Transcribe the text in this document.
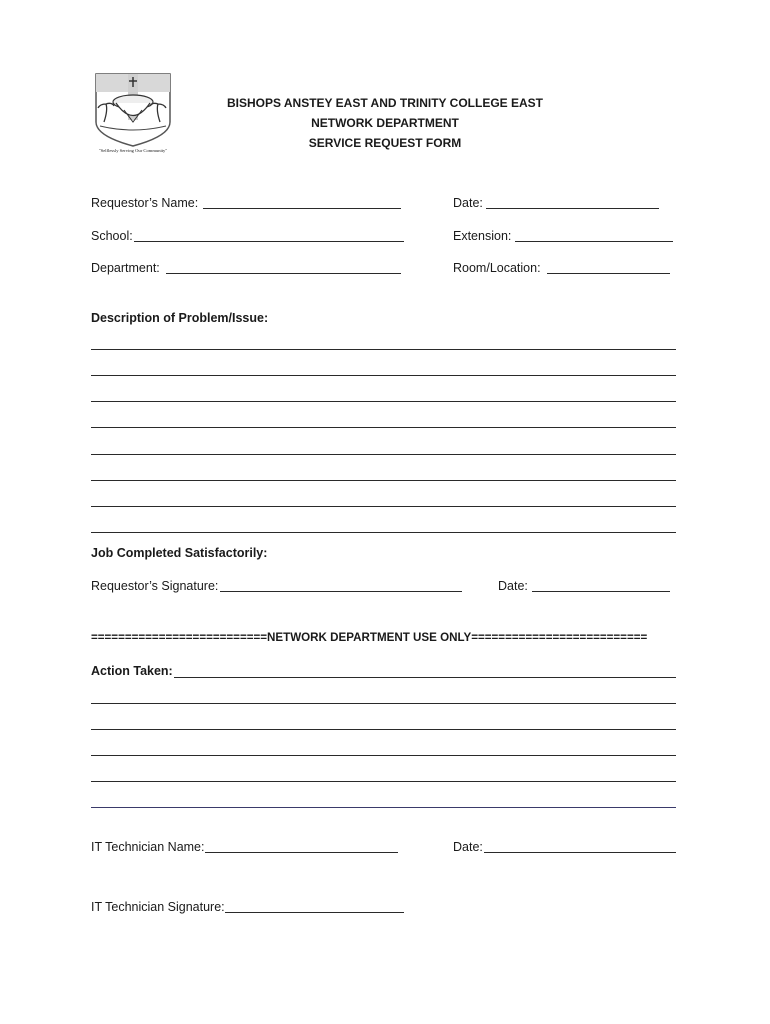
"Selflessly Serving Our Community"
BISHOPS ANSTEY EAST AND TRINITY COLLEGE EAST
NETWORK DEPARTMENT
SERVICE REQUEST FORM
Requestor’s Name:	Date:
School:	Extension:
Department:	Room/Location:
Description of Problem/Issue:
Job Completed Satisfactorily:
Requestor’s Signature:	Date:
==========================NETWORK DEPARTMENT USE ONLY==========================
Action Taken:
IT Technician Name:	Date:
IT Technician Signature:
